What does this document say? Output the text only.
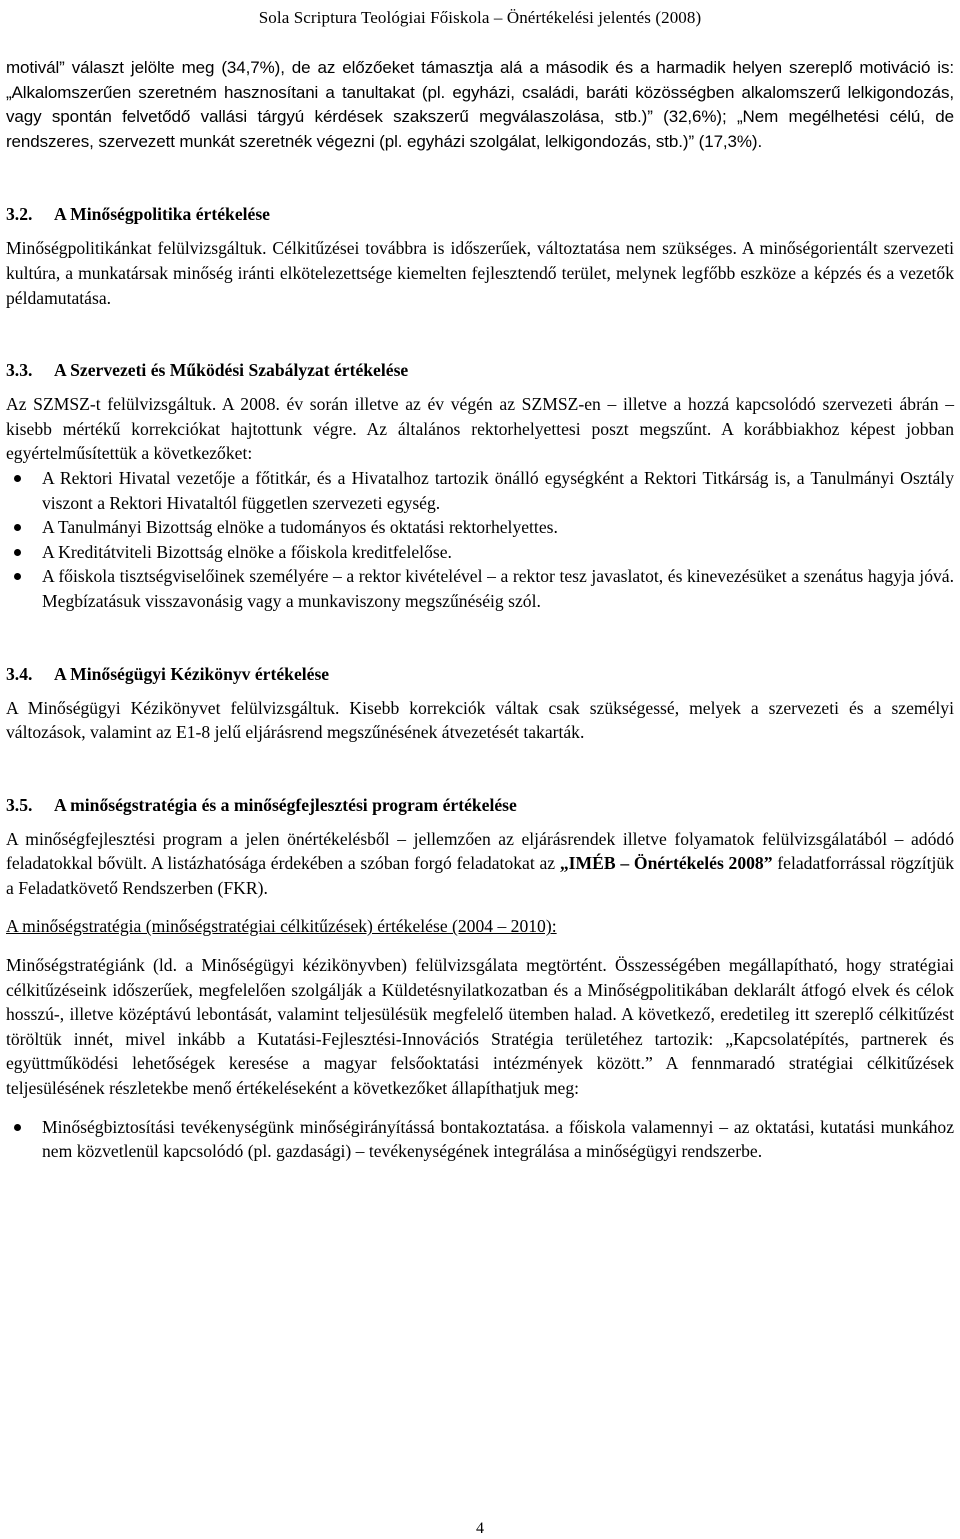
Sola Scriptura Teológiai Főiskola – Önértékelési jelentés (2008)

motivál” választ jelölte meg (34,7%), de az előzőeket támasztja alá a második és a harmadik helyen szereplő motiváció is: „Alkalomszerűen szeretném hasznosítani a tanultakat (pl. egyházi, családi, baráti közösségben alkalomszerű lelkigondozás, vagy spontán felvetődő vallási tárgyú kérdések szakszerű megválaszolása, stb.)” (32,6%); „Nem megélhetési célú, de rendszeres, szervezett munkát szeretnék végezni (pl. egyházi szolgálat, lelkigondozás, stb.)” (17,3%).

3.2. A Minőségpolitika értékelése

Minőségpolitikánkat felülvizsgáltuk. Célkitűzései továbbra is időszerűek, változtatása nem szükséges. A minőségorientált szervezeti kultúra, a munkatársak minőség iránti elkötelezettsége kiemelten fejlesztendő terület, melynek legfőbb eszköze a képzés és a vezetők példamutatása.

3.3. A Szervezeti és Működési Szabályzat értékelése

Az SZMSZ-t felülvizsgáltuk. A 2008. év során illetve az év végén az SZMSZ-en – illetve a hozzá kapcsolódó szervezeti ábrán – kisebb mértékű korrekciókat hajtottunk végre. Az általános rektorhelyettesi poszt megszűnt. A korábbiakhoz képest jobban egyértelműsítettük a következőket:

A Rektori Hivatal vezetője a főtitkár, és a Hivatalhoz tartozik önálló egységként a Rektori Titkárság is, a Tanulmányi Osztály viszont a Rektori Hivataltól független szervezeti egység.
A Tanulmányi Bizottság elnöke a tudományos és oktatási rektorhelyettes.
A Kreditátviteli Bizottság elnöke a főiskola kreditfelelőse.
A főiskola tisztségviselőinek személyére – a rektor kivételével – a rektor tesz javaslatot, és kinevezésüket a szenátus hagyja jóvá. Megbízatásuk visszavonásig vagy a munkaviszony megszűnéséig szól.
3.4. A Minőségügyi Kézikönyv értékelése

A Minőségügyi Kézikönyvet felülvizsgáltuk. Kisebb korrekciók váltak csak szükségessé, melyek a szervezeti és a személyi változások, valamint az E1-8 jelű eljárásrend megszűnésének átvezetését takarták.

3.5. A minőségstratégia és a minőségfejlesztési program értékelése

A minőségfejlesztési program a jelen önértékelésből – jellemzően az eljárásrendek illetve folyamatok felülvizsgálatából – adódó feladatokkal bővült. A listázhatósága érdekében a szóban forgó feladatokat az „IMÉB – Önértékelés 2008” feladatforrással rögzítjük a Feladatkövető Rendszerben (FKR).

A minőségstratégia (minőségstratégiai célkitűzések) értékelése (2004 – 2010):

Minőségstratégiánk (ld. a Minőségügyi kézikönyvben) felülvizsgálata megtörtént. Összességében megállapítható, hogy stratégiai célkitűzéseink időszerűek, megfelelően szolgálják a Küldetésnyilatkozatban és a Minőségpolitikában deklarált átfogó elvek és célok hosszú-, illetve középtávú lebontását, valamint teljesülésük megfelelő ütemben halad. A következő, eredetileg itt szereplő célkitűzést töröltük innét, mivel inkább a Kutatási-Fejlesztési-Innovációs Stratégia területéhez tartozik: „Kapcsolatépítés, partnerek és együttműködési lehetőségek keresése a magyar felsőoktatási intézmények között.” A fennmaradó stratégiai célkitűzések teljesülésének részletekbe menő értékeléseként a következőket állapíthatjuk meg:

Minőségbiztosítási tevékenységünk minőségirányítássá bontakoztatása. a főiskola valamennyi – az oktatási, kutatási munkához nem közvetlenül kapcsolódó (pl. gazdasági) – tevékenységének integrálása a minőségügyi rendszerbe.
4
